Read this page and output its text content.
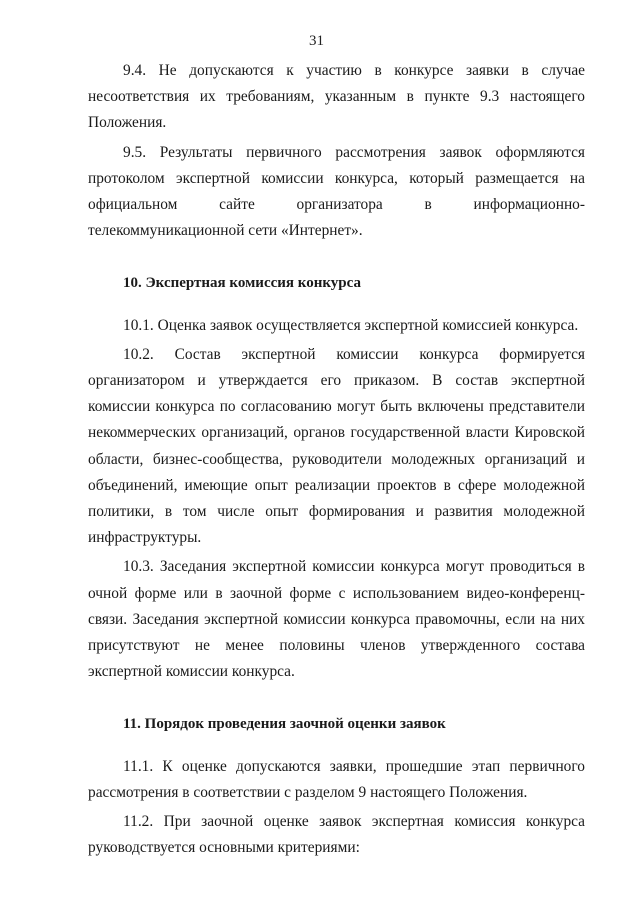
31

9.4. Не допускаются к участию в конкурсе заявки в случае несоответствия их требованиям, указанным в пункте 9.3 настоящего Положения.

9.5. Результаты первичного рассмотрения заявок оформляются протоколом экспертной комиссии конкурса, который размещается на официальном сайте организатора в информационно-телекоммуникационной сети «Интернет».

10. Экспертная комиссия конкурса

10.1. Оценка заявок осуществляется экспертной комиссией конкурса.

10.2. Состав экспертной комиссии конкурса формируется организатором и утверждается его приказом. В состав экспертной комиссии конкурса по согласованию могут быть включены представители некоммерческих организаций, органов государственной власти Кировской области, бизнес-сообщества, руководители молодежных организаций и объединений, имеющие опыт реализации проектов в сфере молодежной политики, в том числе опыт формирования и развития молодежной инфраструктуры.

10.3. Заседания экспертной комиссии конкурса могут проводиться в очной форме или в заочной форме с использованием видео-конференц-связи. Заседания экспертной комиссии конкурса правомочны, если на них присутствуют не менее половины членов утвержденного состава экспертной комиссии конкурса.

11. Порядок проведения заочной оценки заявок

11.1. К оценке допускаются заявки, прошедшие этап первичного рассмотрения в соответствии с разделом 9 настоящего Положения.

11.2. При заочной оценке заявок экспертная комиссия конкурса руководствуется основными критериями:
